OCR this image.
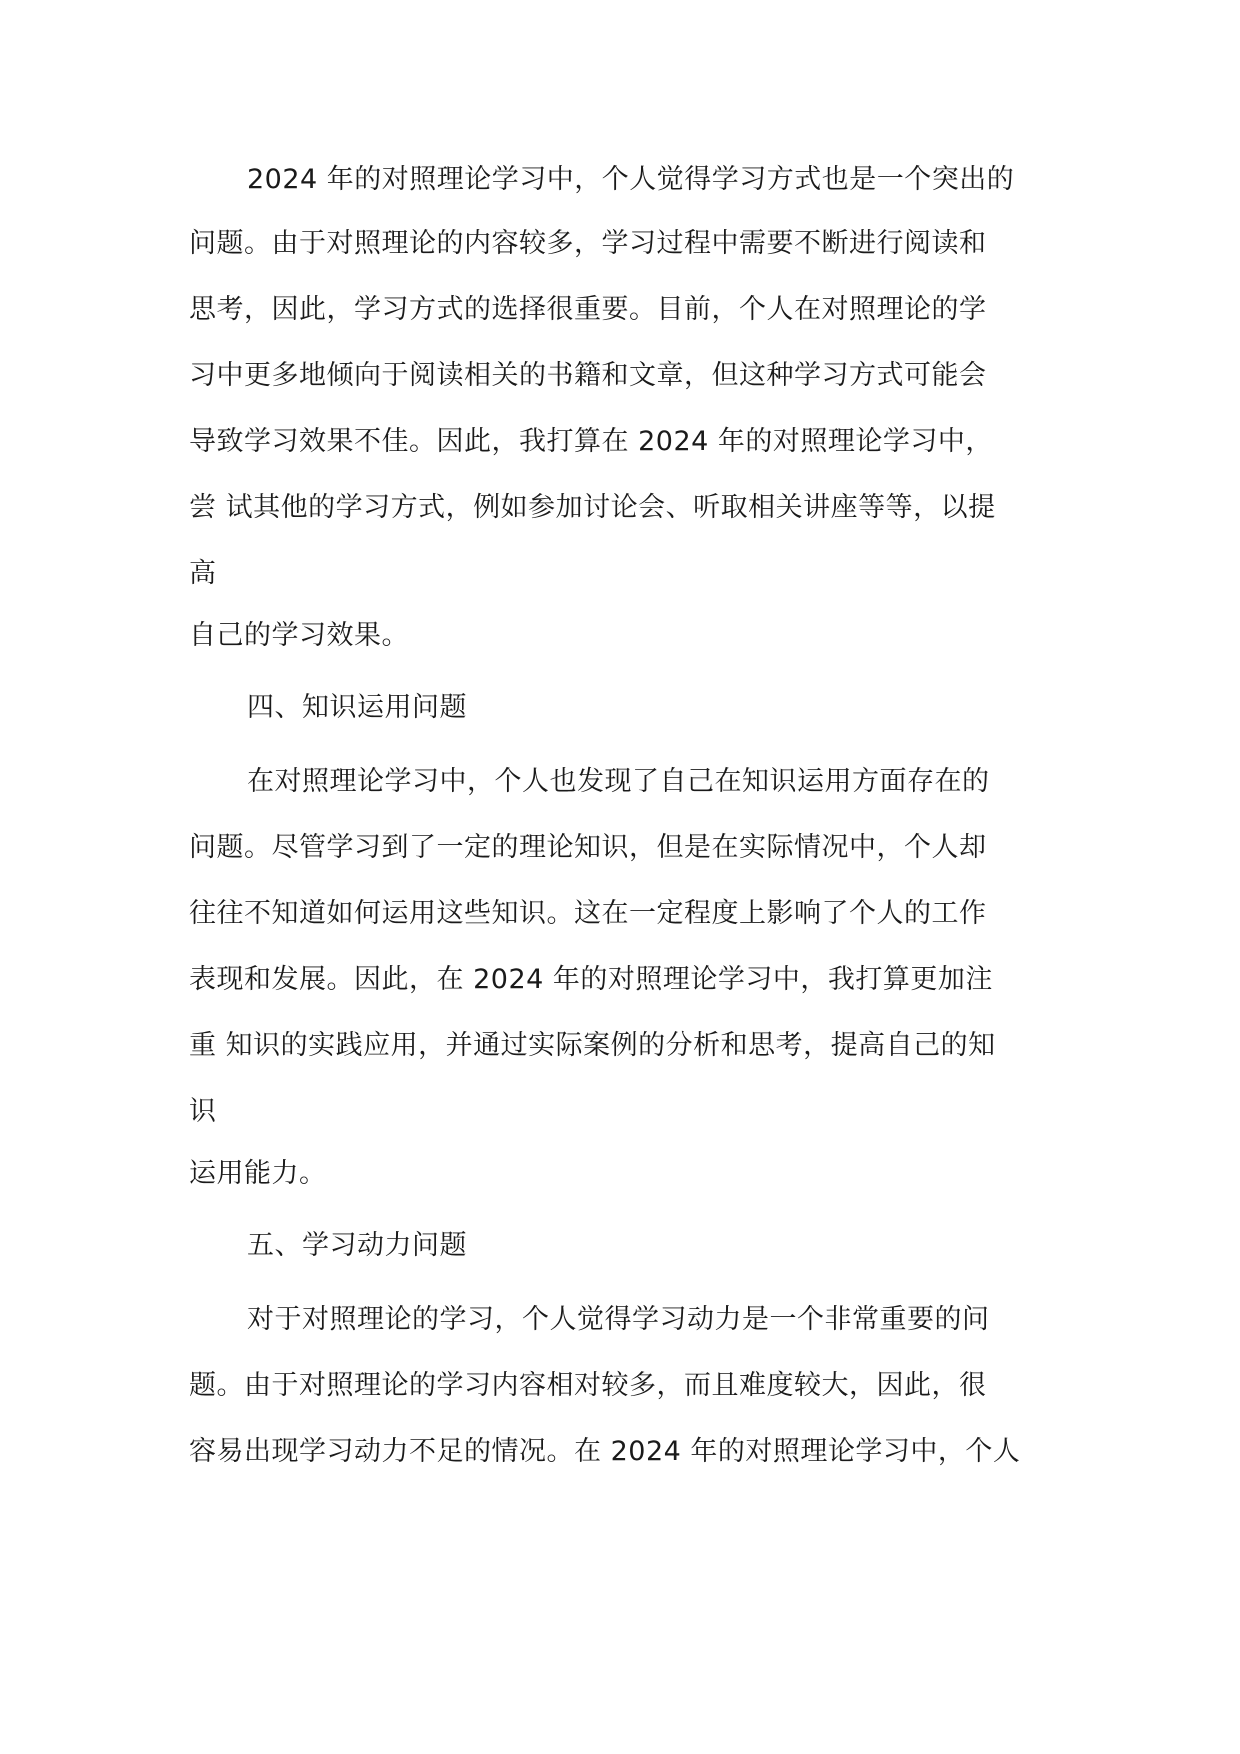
2024 年的对照理论学习中，个人觉得学习方式也是一个突出的
问题。由于对照理论的内容较多，学习过程中需要不断进行阅读和
思考，因此，学习方式的选择很重要。目前，个人在对照理论的学
习中更多地倾向于阅读相关的书籍和文章，但这种学习方式可能会
导致学习效果不佳。因此，我打算在 2024 年的对照理论学习中，
尝 试其他的学习方式，例如参加讨论会、听取相关讲座等等，以提
高
自己的学习效果。
四、知识运用问题
在对照理论学习中，个人也发现了自己在知识运用方面存在的
问题。尽管学习到了一定的理论知识，但是在实际情况中，个人却
往往不知道如何运用这些知识。这在一定程度上影响了个人的工作
表现和发展。因此，在 2024 年的对照理论学习中，我打算更加注
重 知识的实践应用，并通过实际案例的分析和思考，提高自己的知
识
运用能力。
五、学习动力问题
对于对照理论的学习，个人觉得学习动力是一个非常重要的问
题。由于对照理论的学习内容相对较多，而且难度较大，因此，很
容易出现学习动力不足的情况。在 2024 年的对照理论学习中，个人
